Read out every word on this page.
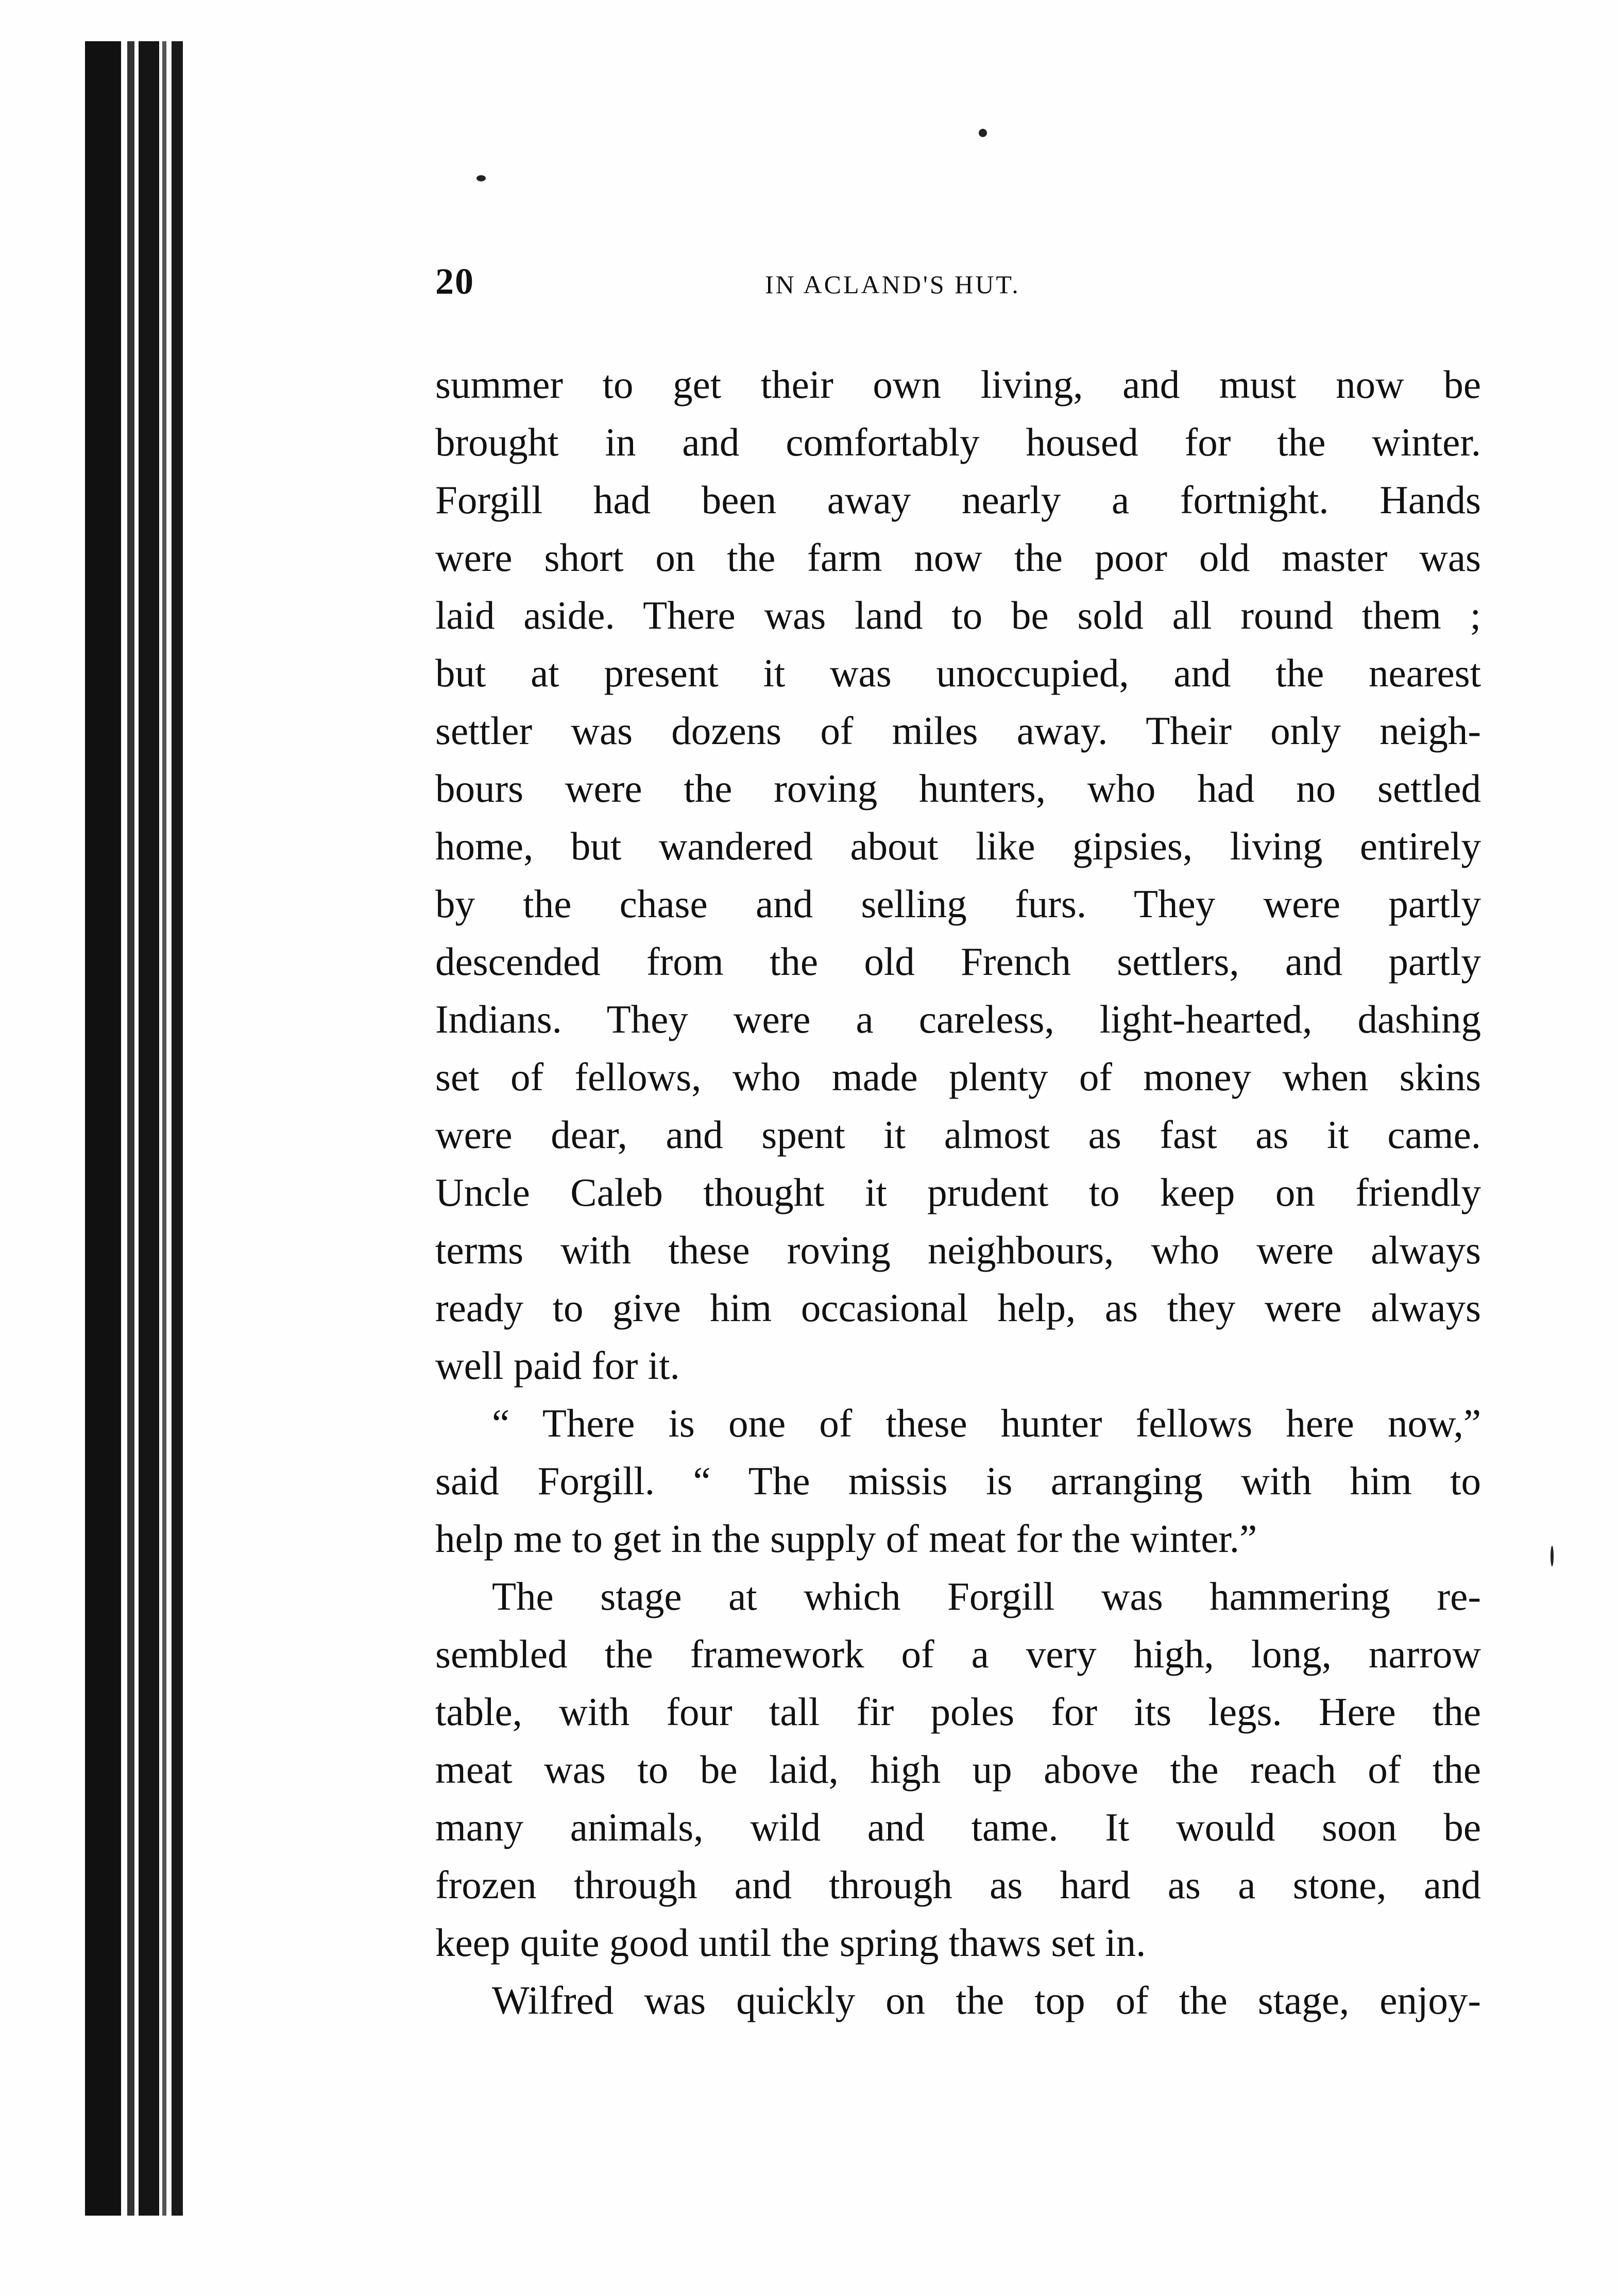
20	IN ACLAND'S HUT.
summer to get their own living, and must now be
brought in and comfortably housed for the winter.
Forgill had been away nearly a fortnight. Hands
were short on the farm now the poor old master was
laid aside. There was land to be sold all round them ;
but at present it was unoccupied, and the nearest
settler was dozens of miles away. Their only neigh-
bours were the roving hunters, who had no settled
home, but wandered about like gipsies, living entirely
by the chase and selling furs. They were partly
descended from the old French settlers, and partly
Indians. They were a careless, light-hearted, dashing
set of fellows, who made plenty of money when skins
were dear, and spent it almost as fast as it came.
Uncle Caleb thought it prudent to keep on friendly
terms with these roving neighbours, who were always
ready to give him occasional help, as they were always
well paid for it.
“ There is one of these hunter fellows here now,”
said Forgill. “ The missis is arranging with him to
help me to get in the supply of meat for the winter.”
The stage at which Forgill was hammering re-
sembled the framework of a very high, long, narrow
table, with four tall fir poles for its legs. Here the
meat was to be laid, high up above the reach of the
many animals, wild and tame. It would soon be
frozen through and through as hard as a stone, and
keep quite good until the spring thaws set in.
Wilfred was quickly on the top of the stage, enjoy-
